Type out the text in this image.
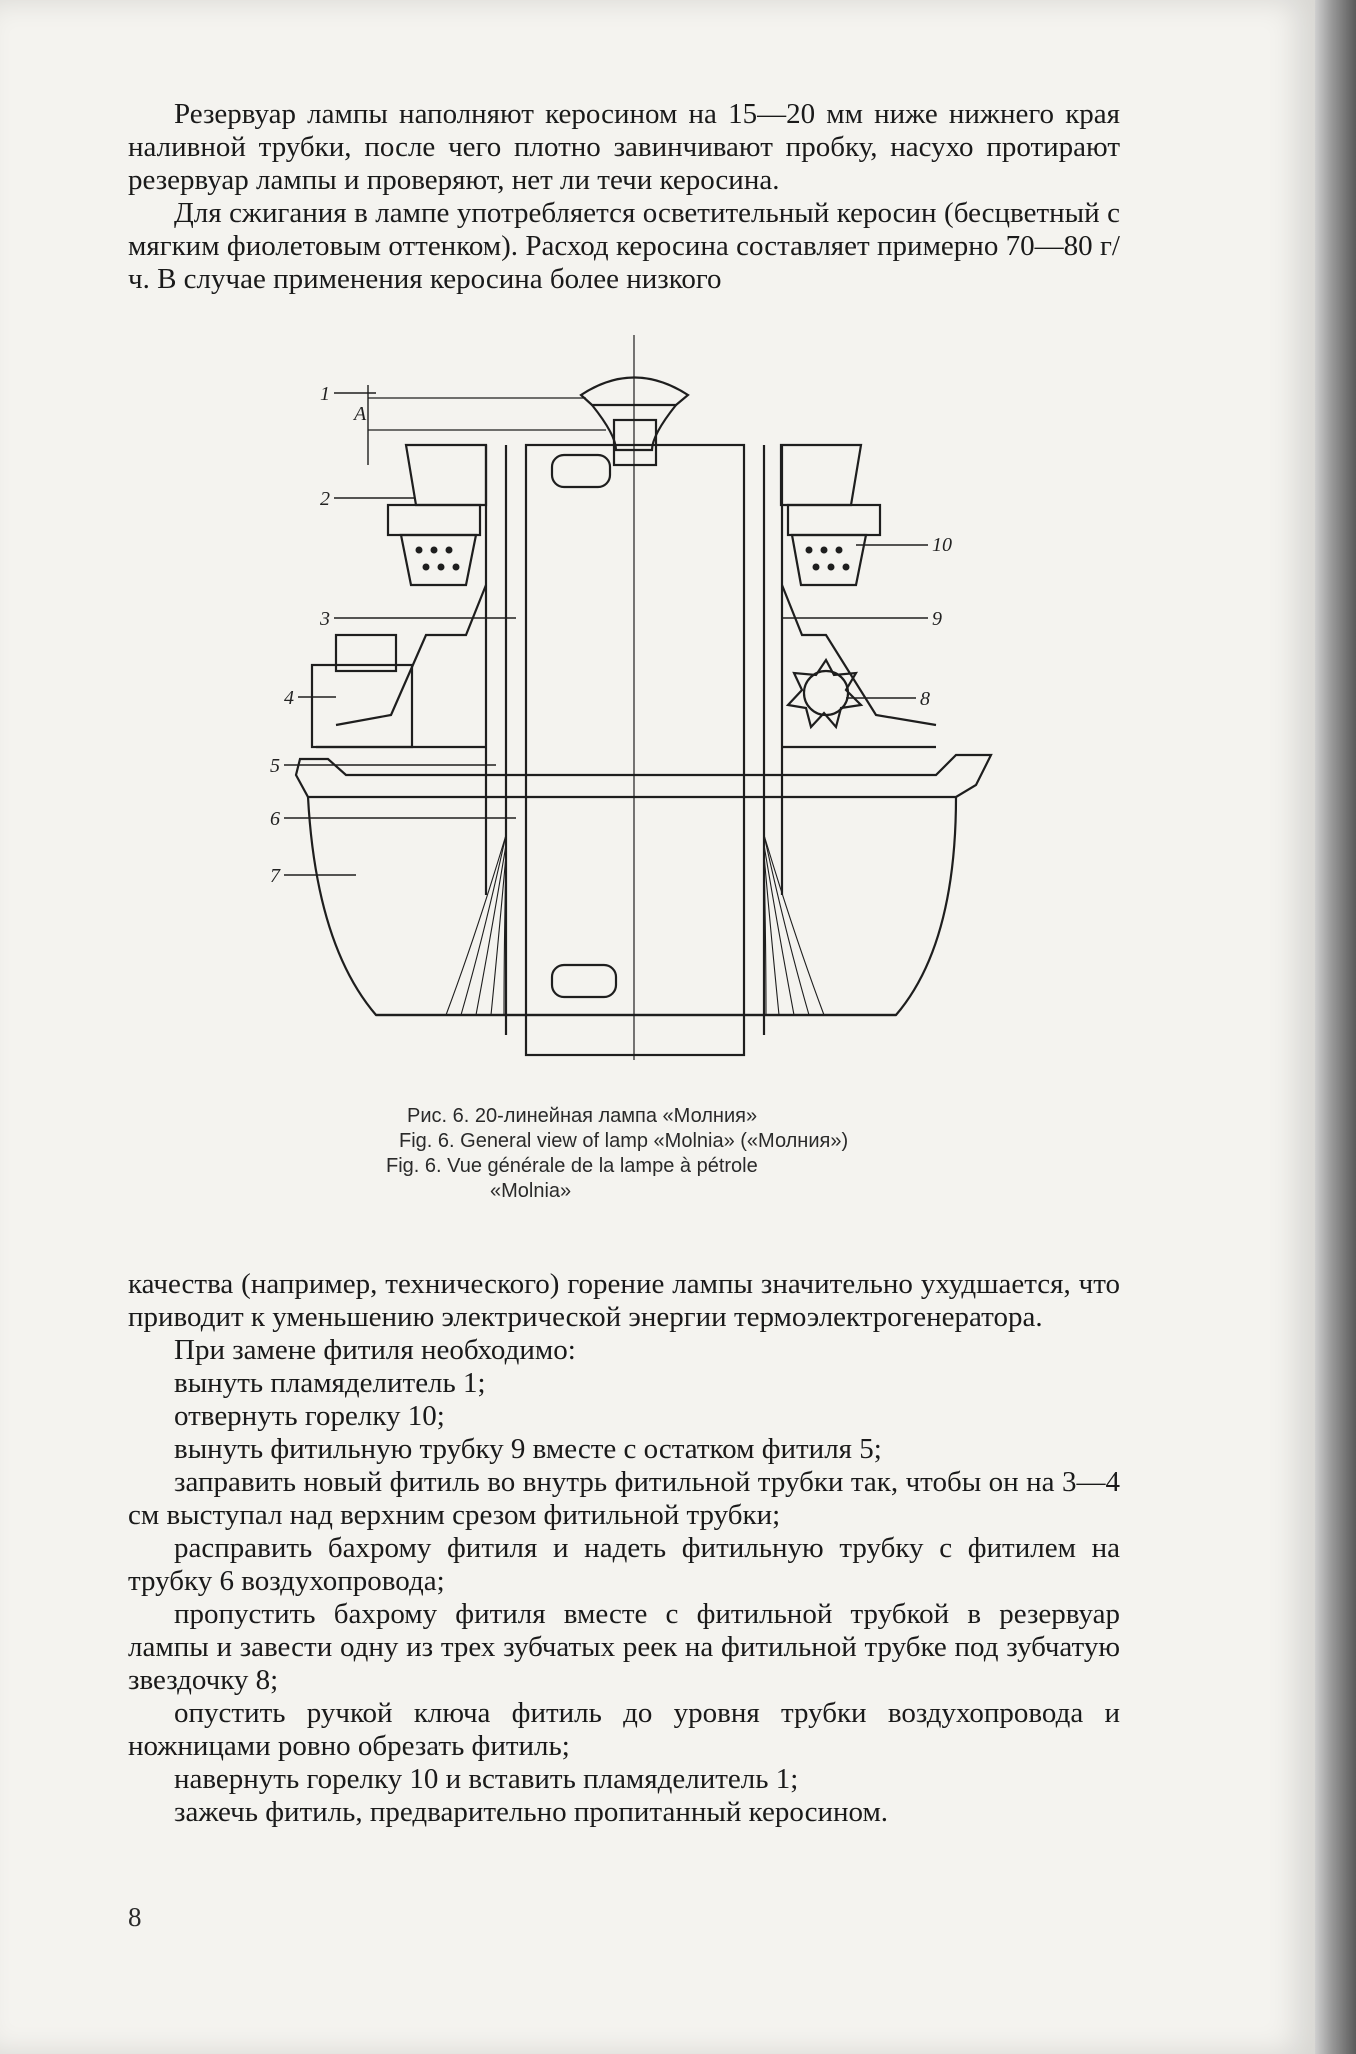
Резервуар лампы наполняют керосином на 15—20 мм ниже нижнего края наливной трубки, после чего плотно завинчивают пробку, насухо протирают резервуар лампы и проверяют, нет ли течи керосина.

Для сжигания в лампе употребляется осветительный керосин (бесцветный с мягким фиолетовым оттенком). Расход керосина составляет примерно 70—80 г/ч. В случае применения керосина более низкого

1
2
3
4
5
6
7
8
9
10
A
Рис. 6. 20-линейная лампа «Молния»
Fig. 6. General view of lamp «Molnia» («Молния»)
Fig. 6. Vue générale de la lampe à pétrole
«Molnia»

качества (например, технического) горение лампы значительно ухудшается, что приводит к уменьшению электрической энергии термоэлектрогенератора.

При замене фитиля необходимо:

вынуть пламяделитель 1;

отвернуть горелку 10;

вынуть фитильную трубку 9 вместе с остатком фитиля 5;

заправить новый фитиль во внутрь фитильной трубки так, чтобы он на 3—4 см выступал над верхним срезом фитильной трубки;

расправить бахрому фитиля и надеть фитильную трубку с фитилем на трубку 6 воздухопровода;

пропустить бахрому фитиля вместе с фитильной трубкой в резервуар лампы и завести одну из трех зубчатых реек на фитильной трубке под зубчатую звездочку 8;

опустить ручкой ключа фитиль до уровня трубки воздухопровода и ножницами ровно обрезать фитиль;

навернуть горелку 10 и вставить пламяделитель 1;

зажечь фитиль, предварительно пропитанный керосином.

8
